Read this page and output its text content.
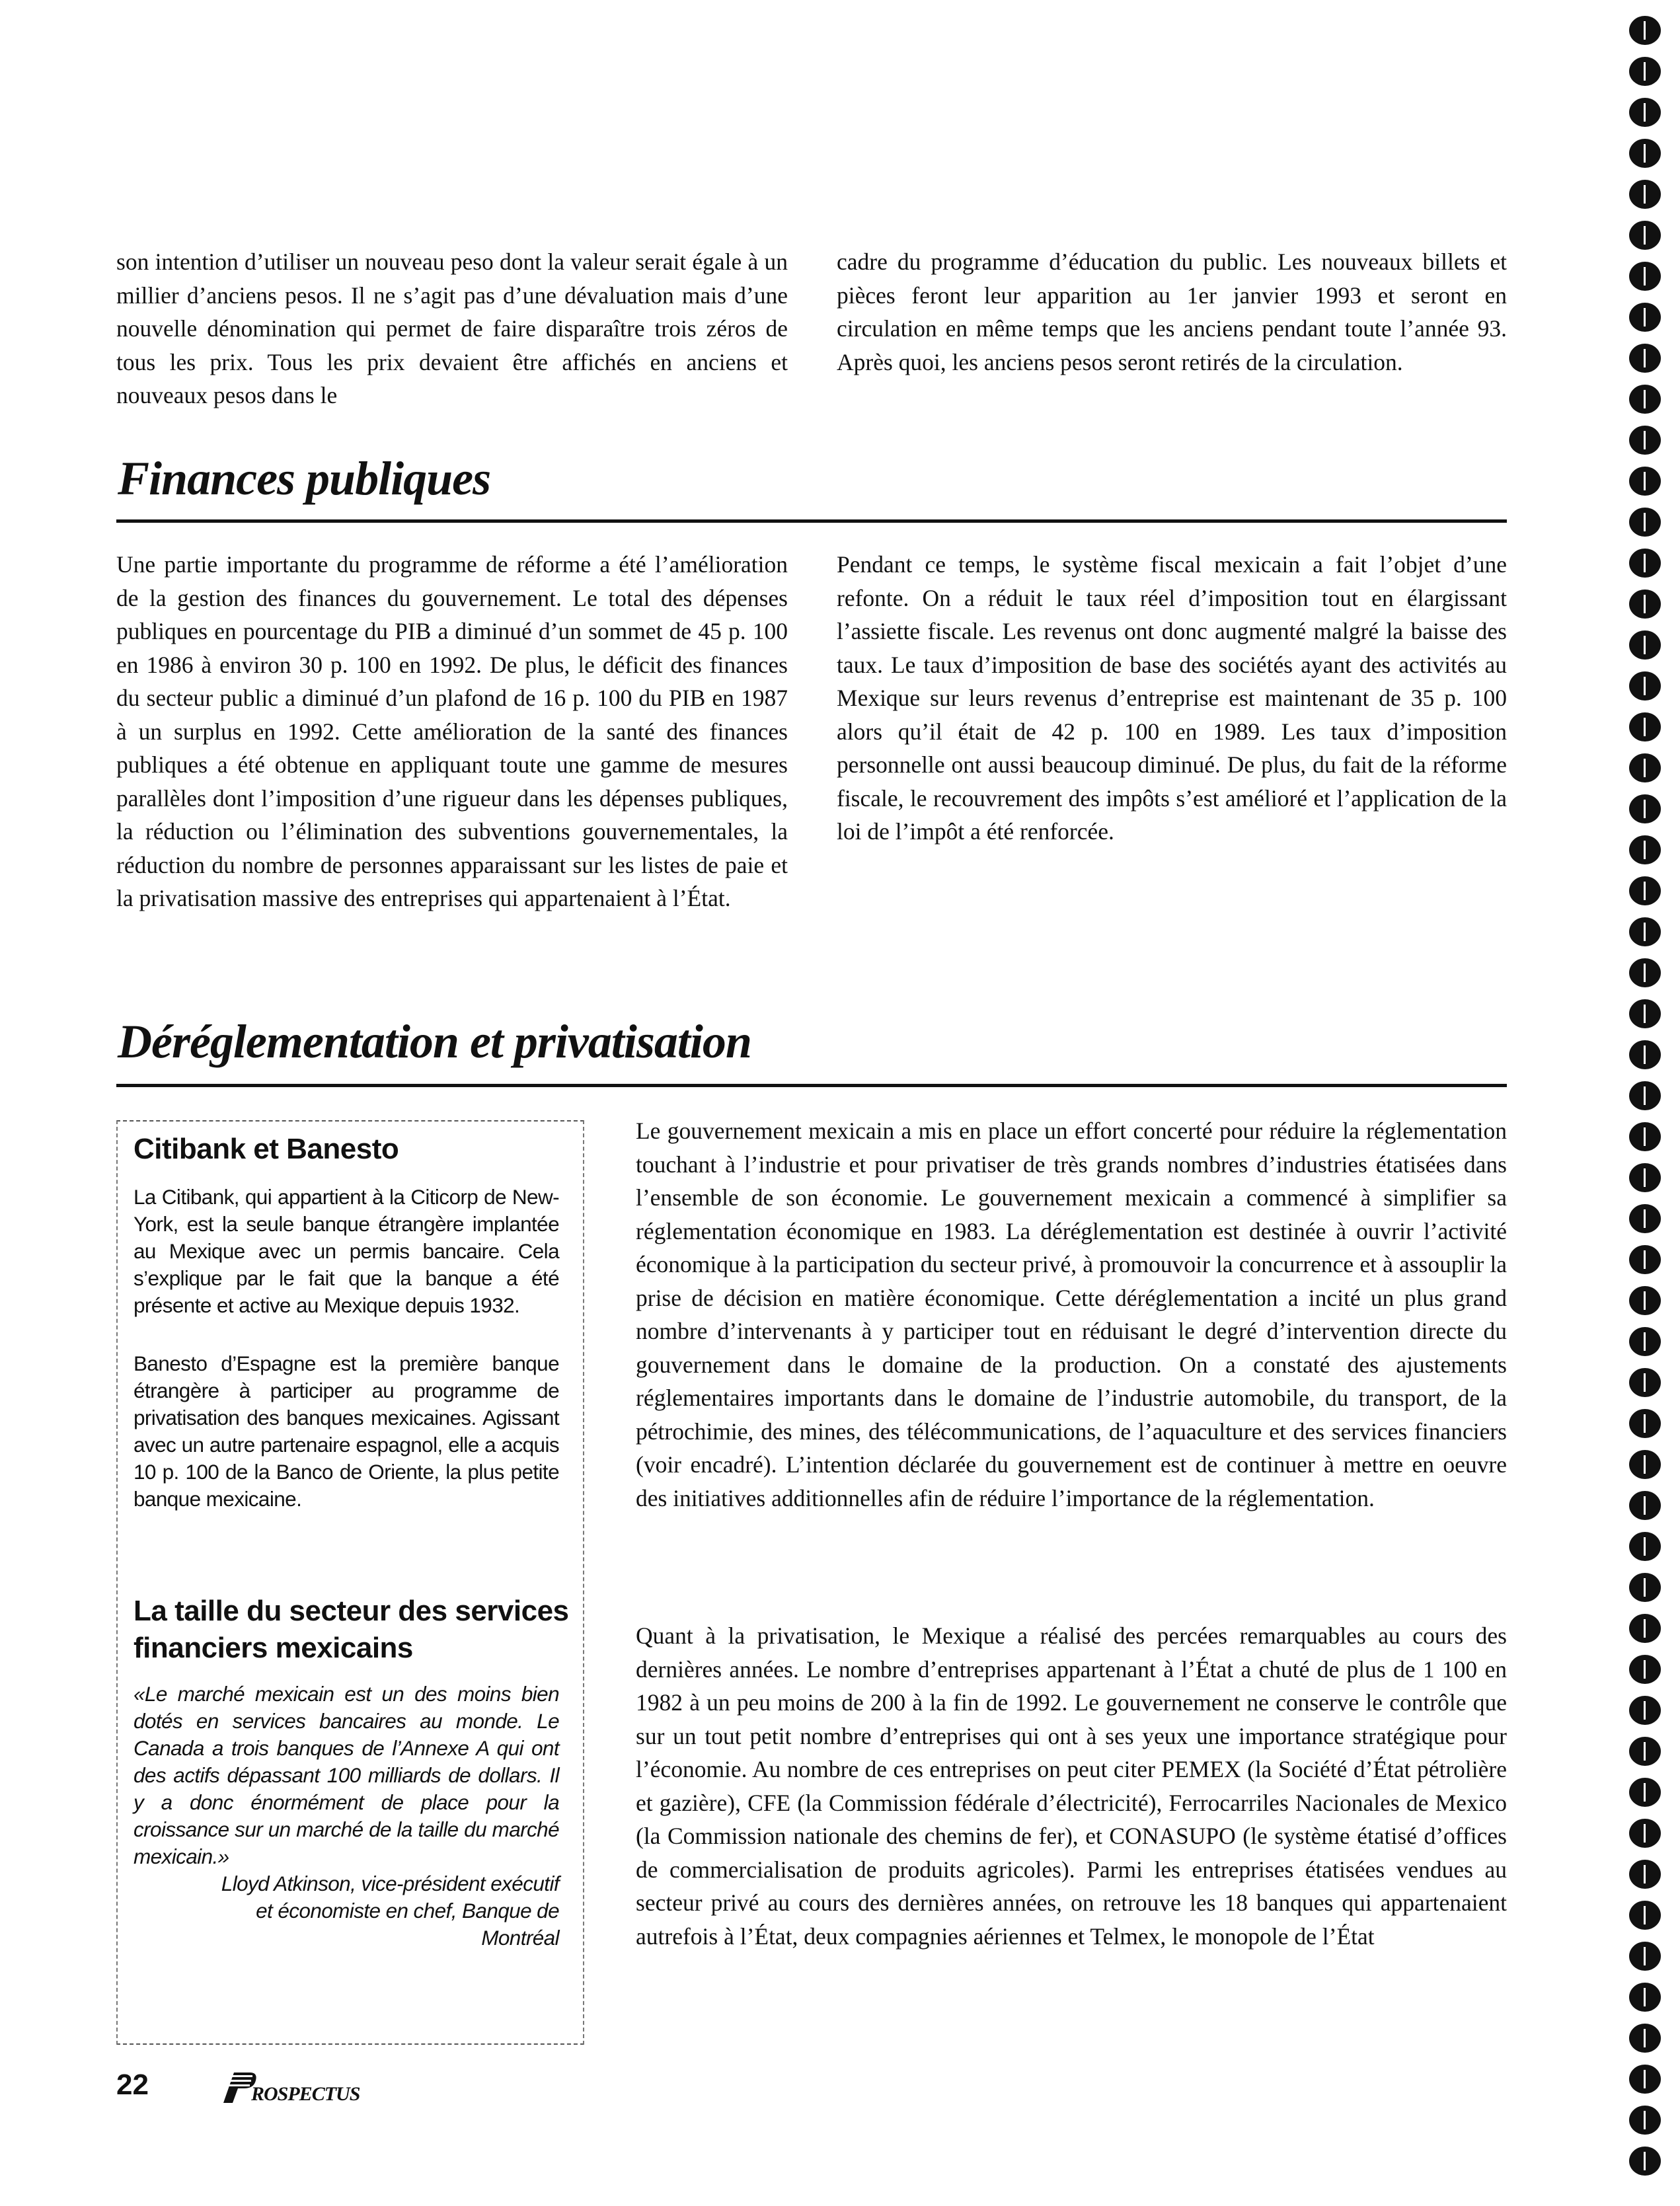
son intention d’utiliser un nouveau peso dont la valeur serait égale à un millier d’anciens pesos. Il ne s’agit pas d’une dévaluation mais d’une nouvelle dénomination qui permet de faire disparaître trois zéros de tous les prix. Tous les prix devaient être affichés en anciens et nouveaux pesos dans le

cadre du programme d’éducation du public. Les nouveaux billets et pièces feront leur apparition au 1er janvier 1993 et seront en circulation en même temps que les anciens pendant toute l’année 93. Après quoi, les anciens pesos seront retirés de la circulation.

Finances publiques

Une partie importante du programme de réforme a été l’amélioration de la gestion des finances du gouvernement. Le total des dépenses publiques en pourcentage du PIB a diminué d’un sommet de 45 p. 100 en 1986 à environ 30 p. 100 en 1992. De plus, le déficit des finances du secteur public a diminué d’un plafond de 16 p. 100 du PIB en 1987 à un surplus en 1992. Cette amélioration de la santé des finances publiques a été obtenue en appliquant toute une gamme de mesures parallèles dont l’imposition d’une rigueur dans les dépenses publiques, la réduction ou l’élimination des subventions gouvernementales, la réduction du nombre de personnes apparaissant sur les listes de paie et la privatisation massive des entreprises qui appartenaient à l’État.

Pendant ce temps, le système fiscal mexicain a fait l’objet d’une refonte. On a réduit le taux réel d’imposition tout en élargissant l’assiette fiscale. Les revenus ont donc augmenté malgré la baisse des taux. Le taux d’imposition de base des sociétés ayant des activités au Mexique sur leurs revenus d’entreprise est maintenant de 35 p. 100 alors qu’il était de 42 p. 100 en 1989. Les taux d’imposition personnelle ont aussi beaucoup diminué. De plus, du fait de la réforme fiscale, le recouvrement des impôts s’est amélioré et l’application de la loi de l’impôt a été renforcée.

Déréglementation et privatisation
Citibank et Banesto

La Citibank, qui appartient à la Citicorp de New-York, est la seule banque étrangère implantée au Mexique avec un permis bancaire. Cela s’explique par le fait que la banque a été présente et active au Mexique depuis 1932.

Banesto d’Espagne est la première banque étrangère à participer au programme de privatisation des banques mexicaines. Agissant avec un autre partenaire espagnol, elle a acquis 10 p. 100 de la Banco de Oriente, la plus petite banque mexicaine.

La taille du secteur des services financiers mexicains

«Le marché mexicain est un des moins bien dotés en services bancaires au monde. Le Canada a trois banques de l’Annexe A qui ont des actifs dépassant 100 milliards de dollars. Il y a donc énormément de place pour la croissance sur un marché de la taille du marché mexicain.»

Lloyd Atkinson, vice-président exécutif et économiste en chef, Banque de Montréal

Le gouvernement mexicain a mis en place un effort concerté pour réduire la réglementation touchant à l’industrie et pour privatiser de très grands nombres d’industries étatisées dans l’ensemble de son économie. Le gouvernement mexicain a commencé à simplifier sa réglementation économique en 1983. La déréglementation est destinée à ouvrir l’activité économique à la participation du secteur privé, à promouvoir la concurrence et à assouplir la prise de décision en matière économique. Cette déréglementation a incité un plus grand nombre d’intervenants à y participer tout en réduisant le degré d’intervention directe du gouvernement dans le domaine de la production. On a constaté des ajustements réglementaires importants dans le domaine de l’industrie automobile, du transport, de la pétrochimie, des mines, des télécommunications, de l’aquaculture et des services financiers (voir encadré). L’intention déclarée du gouvernement est de continuer à mettre en oeuvre des initiatives additionnelles afin de réduire l’importance de la réglementation.

Quant à la privatisation, le Mexique a réalisé des percées remarquables au cours des dernières années. Le nombre d’entreprises appartenant à l’État a chuté de plus de 1 100 en 1982 à un peu moins de 200 à la fin de 1992. Le gouvernement ne conserve le contrôle que sur un tout petit nombre d’entreprises qui ont à ses yeux une importance stratégique pour l’économie. Au nombre de ces entreprises on peut citer PEMEX (la Société d’État pétrolière et gazière), CFE (la Commission fédérale d’électricité), Ferrocarriles Nacionales de Mexico (la Commission nationale des chemins de fer), et CONASUPO (le système étatisé d’offices de commercialisation de produits agricoles). Parmi les entreprises étatisées vendues au secteur privé au cours des dernières années, on retrouve les 18 banques qui appartenaient autrefois à l’État, deux compagnies aériennes et Telmex, le monopole de l’État

22	ROSPECTUS
